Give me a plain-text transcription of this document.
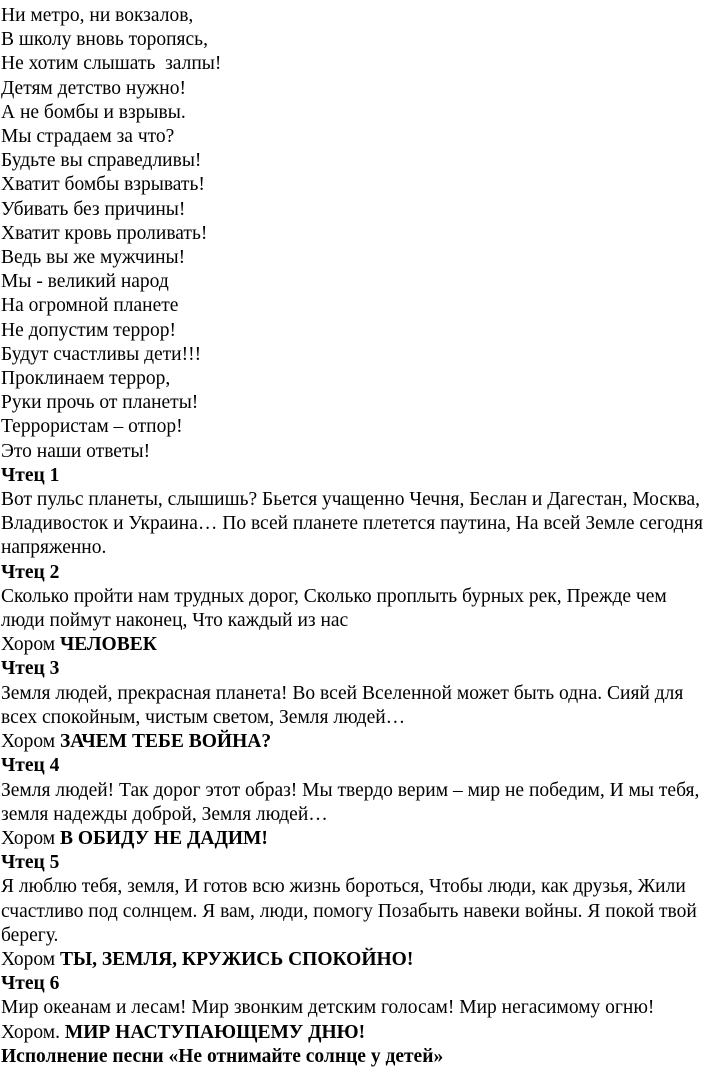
Ни метро, ни вокзалов,
В школу вновь торопясь,
Не хотим слышать  залпы!
Детям детство нужно!
А не бомбы и взрывы.
Мы страдаем за что?
Будьте вы справедливы!
Хватит бомбы взрывать!
Убивать без причины!
Хватит кровь проливать!
Ведь вы же мужчины!
Мы - великий народ
На огромной планете
Не допустим террор!
Будут счастливы дети!!!
Проклинаем террор,
Руки прочь от планеты!
Террористам – отпор!
Это наши ответы!
Чтец 1
Вот пульс планеты, слышишь? Бьется учащенно Чечня, Беслан и Дагестан, Москва, Владивосток и Украина… По всей планете плетется паутина, На всей Земле сегодня напряженно.
Чтец 2
Сколько пройти нам трудных дорог, Сколько проплыть бурных рек, Прежде чем люди поймут наконец, Что каждый из нас
Хором ЧЕЛОВЕК
Чтец 3
Земля людей, прекрасная планета! Во всей Вселенной может быть одна. Сияй для всех спокойным, чистым светом, Земля людей…
Хором ЗАЧЕМ ТЕБЕ ВОЙНА?
Чтец 4
Земля людей! Так дорог этот образ! Мы твердо верим – мир не победим, И мы тебя, земля надежды доброй, Земля людей…
Хором В ОБИДУ НЕ ДАДИМ!
Чтец 5
Я люблю тебя, земля, И готов всю жизнь бороться, Чтобы люди, как друзья, Жили счастливо под солнцем. Я вам, люди, помогу Позабыть навеки войны. Я покой твой берегу.
Хором ТЫ, ЗЕМЛЯ, КРУЖИСЬ СПОКОЙНО!
Чтец 6
Мир океанам и лесам! Мир звонким детским голосам! Мир негасимому огню!
Хором. МИР НАСТУПАЮЩЕМУ ДНЮ!
Исполнение песни «Не отнимайте солнце у детей»
